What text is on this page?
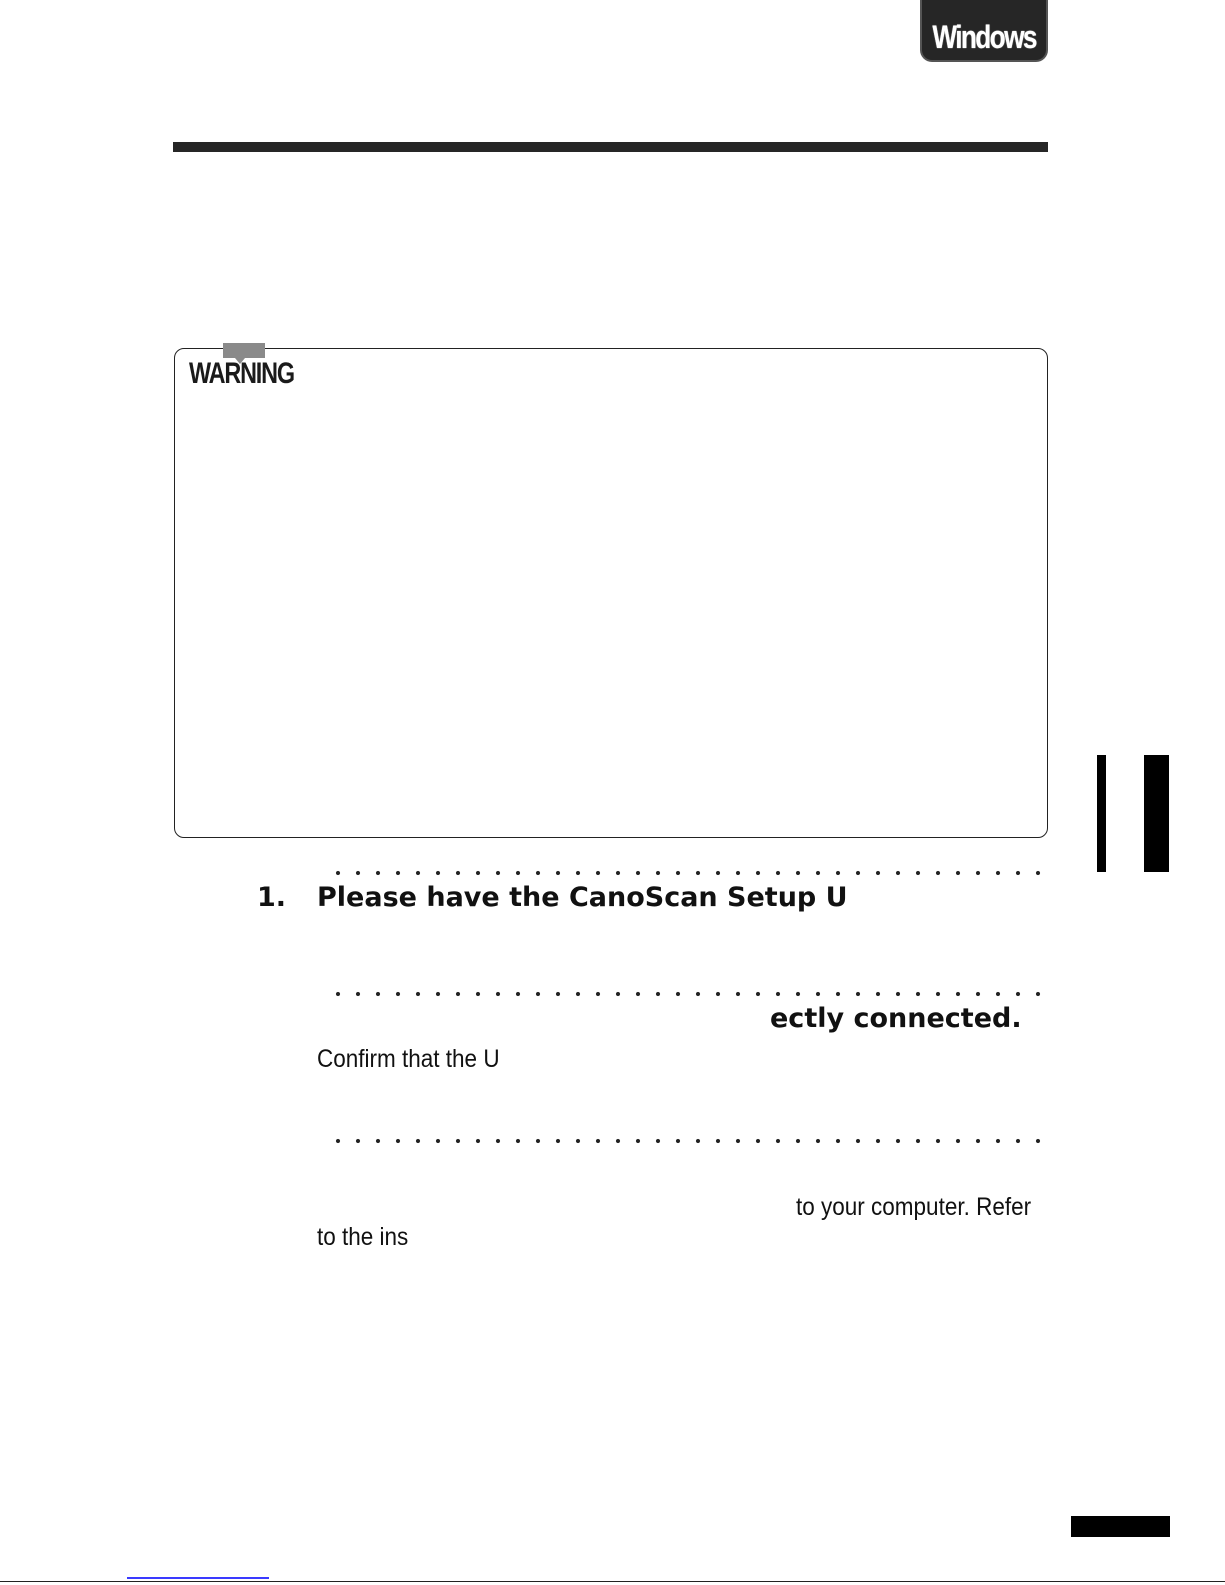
Windows
WARNING
1. Please have the CanoScan Setup U
ectly connected.
Confirm that the U
to your computer. Refer
to the ins
